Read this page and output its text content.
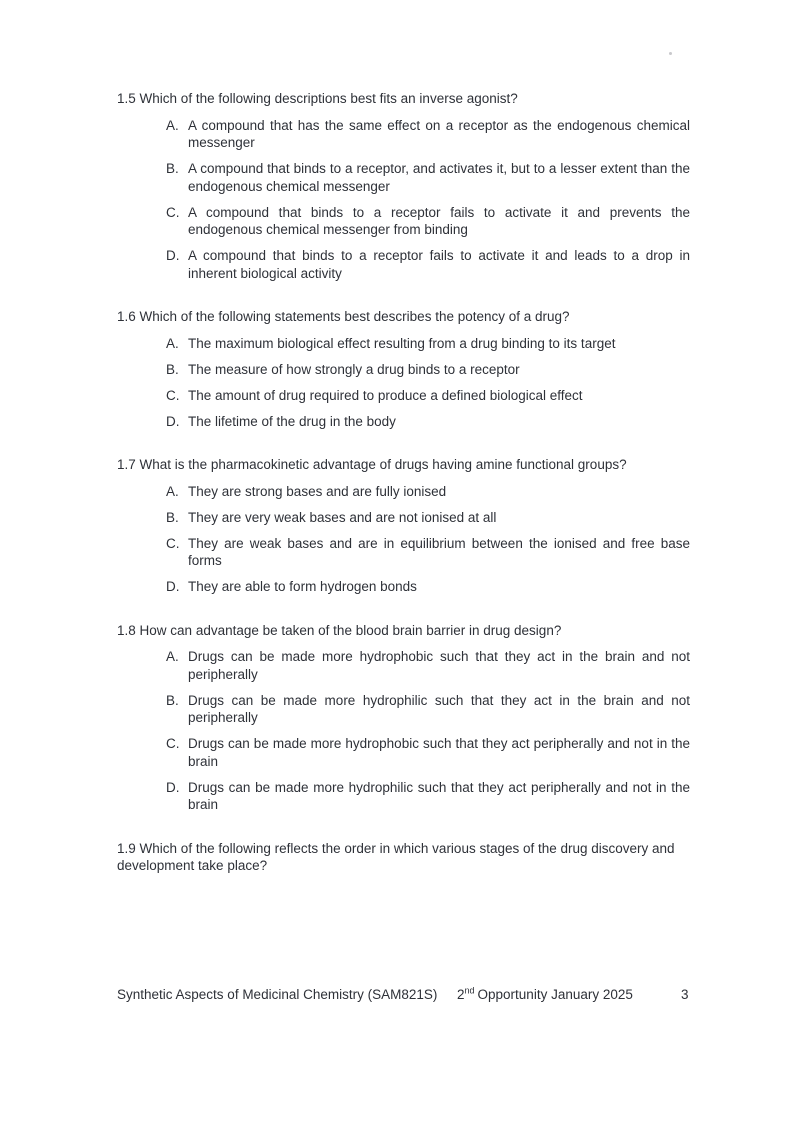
1.5 Which of the following descriptions best fits an inverse agonist?
A. A compound that has the same effect on a receptor as the endogenous chemical messenger
B. A compound that binds to a receptor, and activates it, but to a lesser extent than the endogenous chemical messenger
C. A compound that binds to a receptor fails to activate it and prevents the endogenous chemical messenger from binding
D. A compound that binds to a receptor fails to activate it and leads to a drop in inherent biological activity
1.6 Which of the following statements best describes the potency of a drug?
A. The maximum biological effect resulting from a drug binding to its target
B. The measure of how strongly a drug binds to a receptor
C. The amount of drug required to produce a defined biological effect
D. The lifetime of the drug in the body
1.7 What is the pharmacokinetic advantage of drugs having amine functional groups?
A. They are strong bases and are fully ionised
B. They are very weak bases and are not ionised at all
C. They are weak bases and are in equilibrium between the ionised and free base forms
D. They are able to form hydrogen bonds
1.8 How can advantage be taken of the blood brain barrier in drug design?
A. Drugs can be made more hydrophobic such that they act in the brain and not peripherally
B. Drugs can be made more hydrophilic such that they act in the brain and not peripherally
C. Drugs can be made more hydrophobic such that they act peripherally and not in the brain
D. Drugs can be made more hydrophilic such that they act peripherally and not in the brain
1.9 Which of the following reflects the order in which various stages of the drug discovery and development take place?
Synthetic Aspects of Medicinal Chemistry (SAM821S) 2nd Opportunity January 2025	3
